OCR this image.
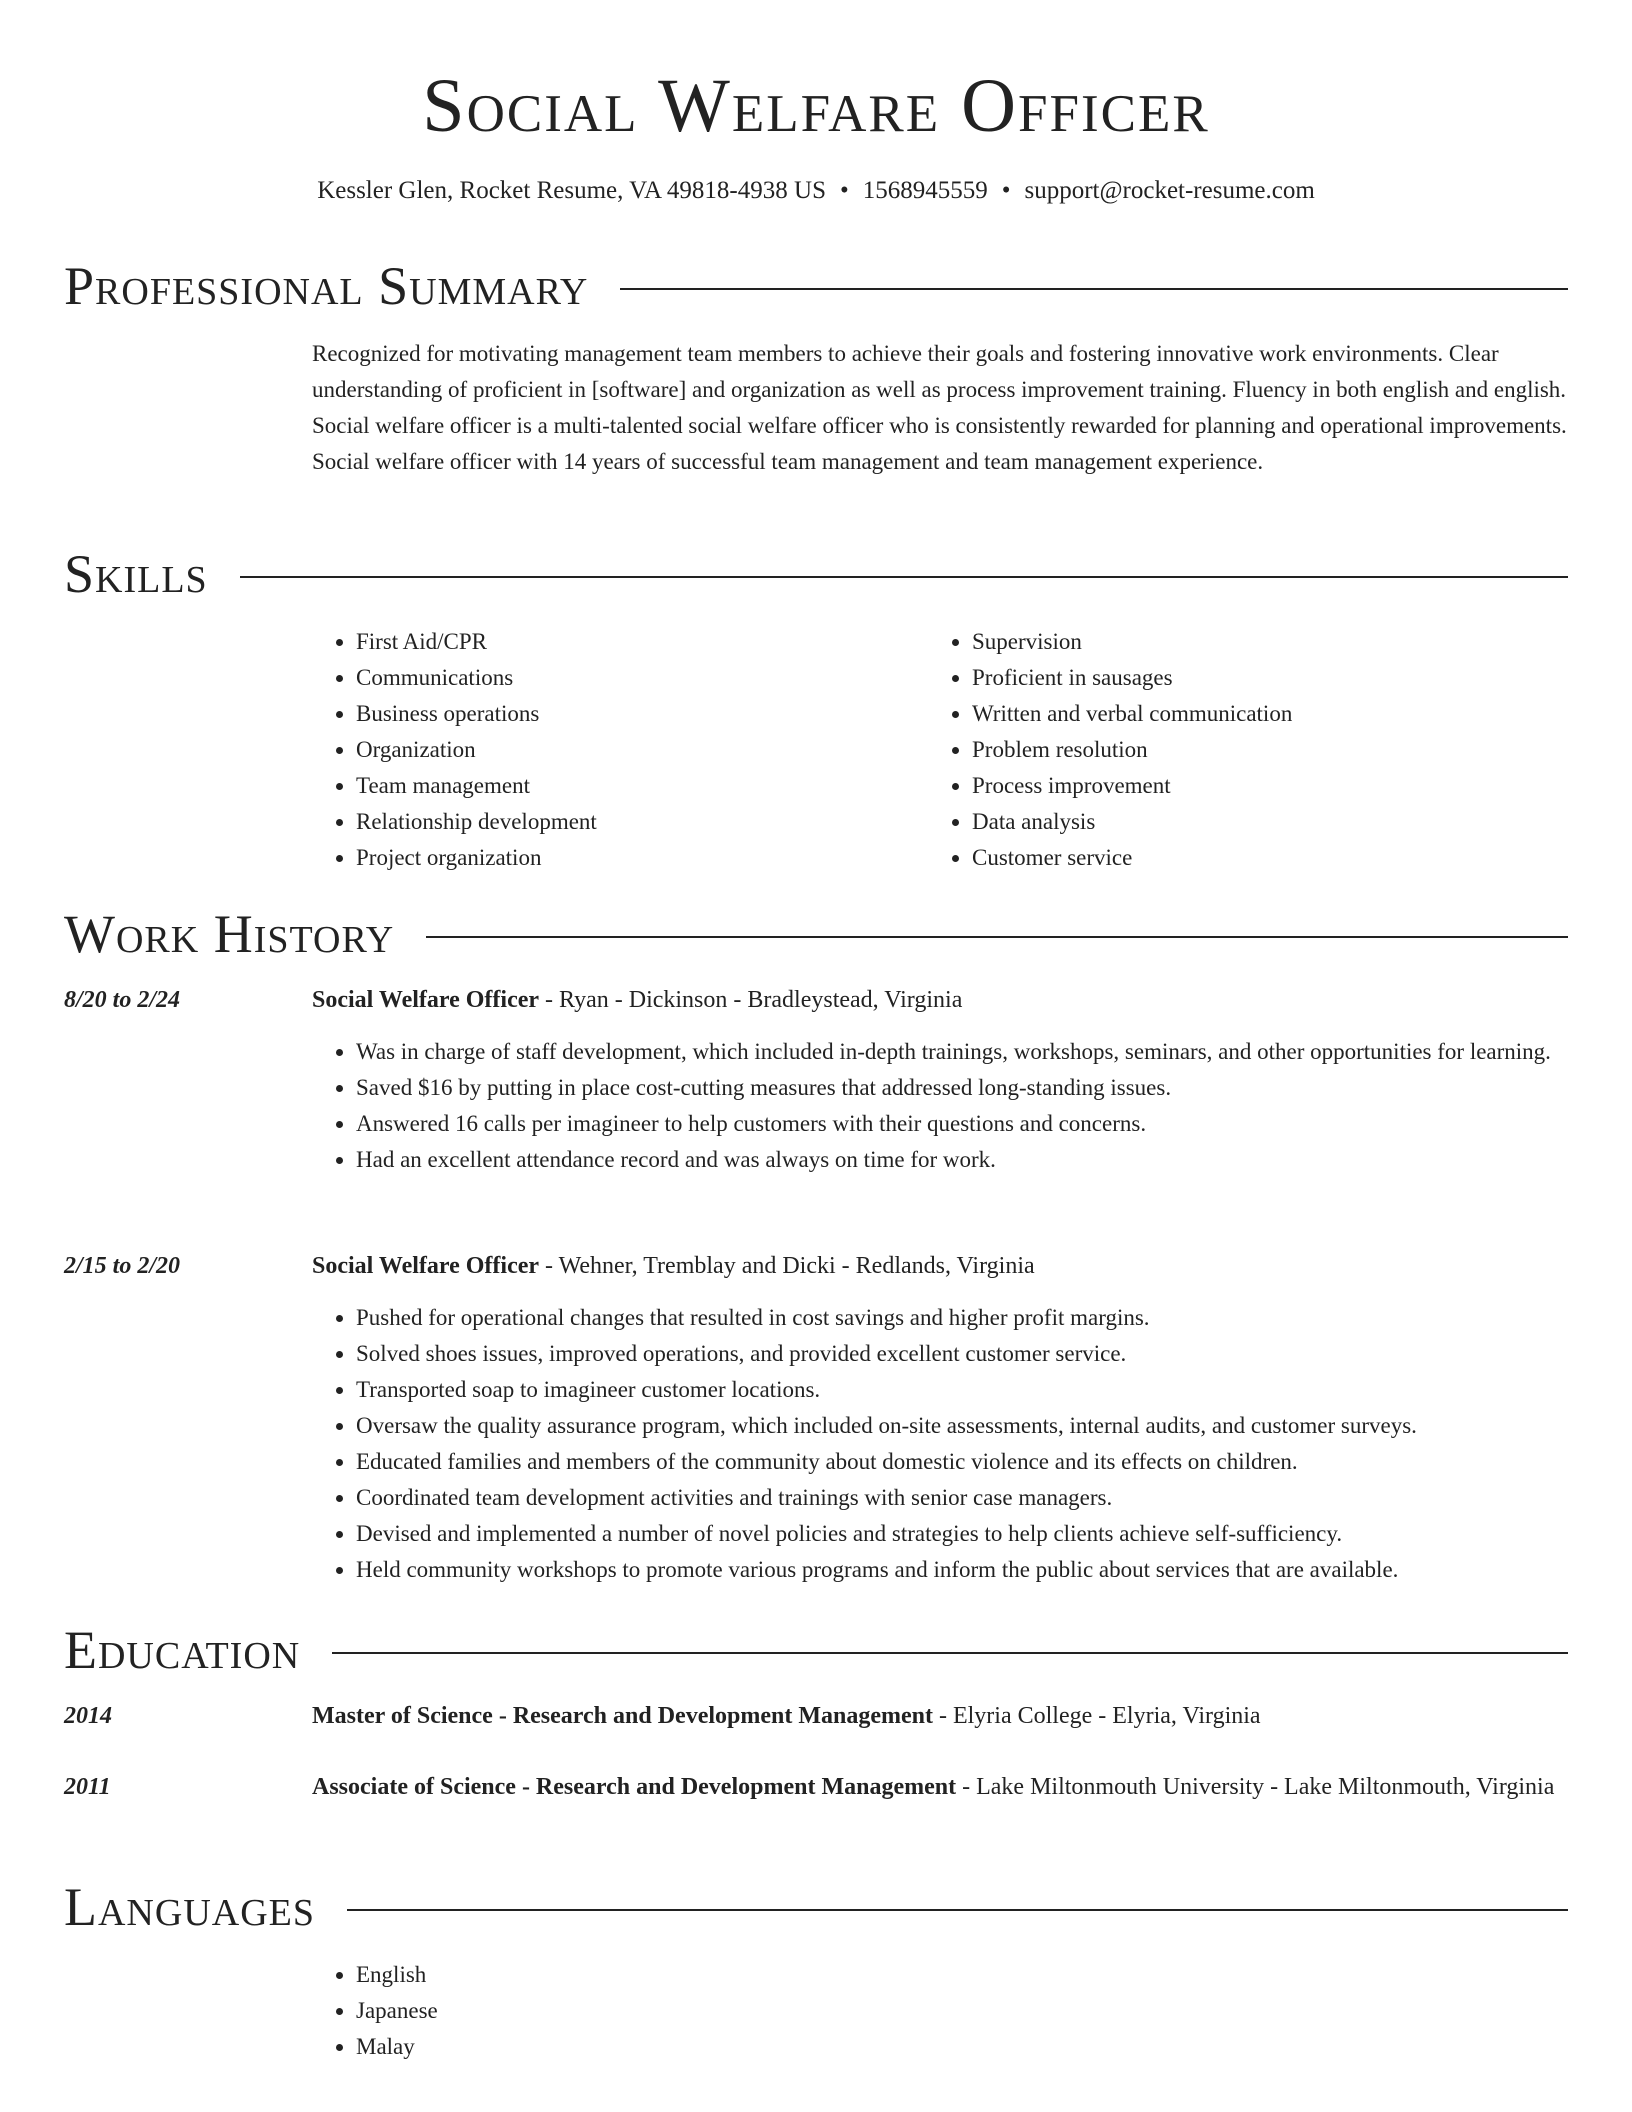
Social Welfare Officer
Kessler Glen, Rocket Resume, VA 49818-4938 US • 1568945559 • support@rocket-resume.com
Professional Summary
Recognized for motivating management team members to achieve their goals and fostering innovative work environments. Clear understanding of proficient in [software] and organization as well as process improvement training. Fluency in both english and english. Social welfare officer is a multi-talented social welfare officer who is consistently rewarded for planning and operational improvements. Social welfare officer with 14 years of successful team management and team management experience.
Skills
• First Aid/CPR
• Communications
• Business operations
• Organization
• Team management
• Relationship development
• Project organization
• Supervision
• Proficient in sausages
• Written and verbal communication
• Problem resolution
• Process improvement
• Data analysis
• Customer service
Work History
8/20 to 2/24	Social Welfare Officer - Ryan - Dickinson - Bradleystead, Virginia
• Was in charge of staff development, which included in-depth trainings, workshops, seminars, and other opportunities for learning.
• Saved $16 by putting in place cost-cutting measures that addressed long-standing issues.
• Answered 16 calls per imagineer to help customers with their questions and concerns.
• Had an excellent attendance record and was always on time for work.
2/15 to 2/20	Social Welfare Officer - Wehner, Tremblay and Dicki - Redlands, Virginia
• Pushed for operational changes that resulted in cost savings and higher profit margins.
• Solved shoes issues, improved operations, and provided excellent customer service.
• Transported soap to imagineer customer locations.
• Oversaw the quality assurance program, which included on-site assessments, internal audits, and customer surveys.
• Educated families and members of the community about domestic violence and its effects on children.
• Coordinated team development activities and trainings with senior case managers.
• Devised and implemented a number of novel policies and strategies to help clients achieve self-sufficiency.
• Held community workshops to promote various programs and inform the public about services that are available.
Education
2014	Master of Science - Research and Development Management - Elyria College - Elyria, Virginia
2011	Associate of Science - Research and Development Management - Lake Miltonmouth University - Lake Miltonmouth, Virginia
Languages
• English
• Japanese
• Malay
